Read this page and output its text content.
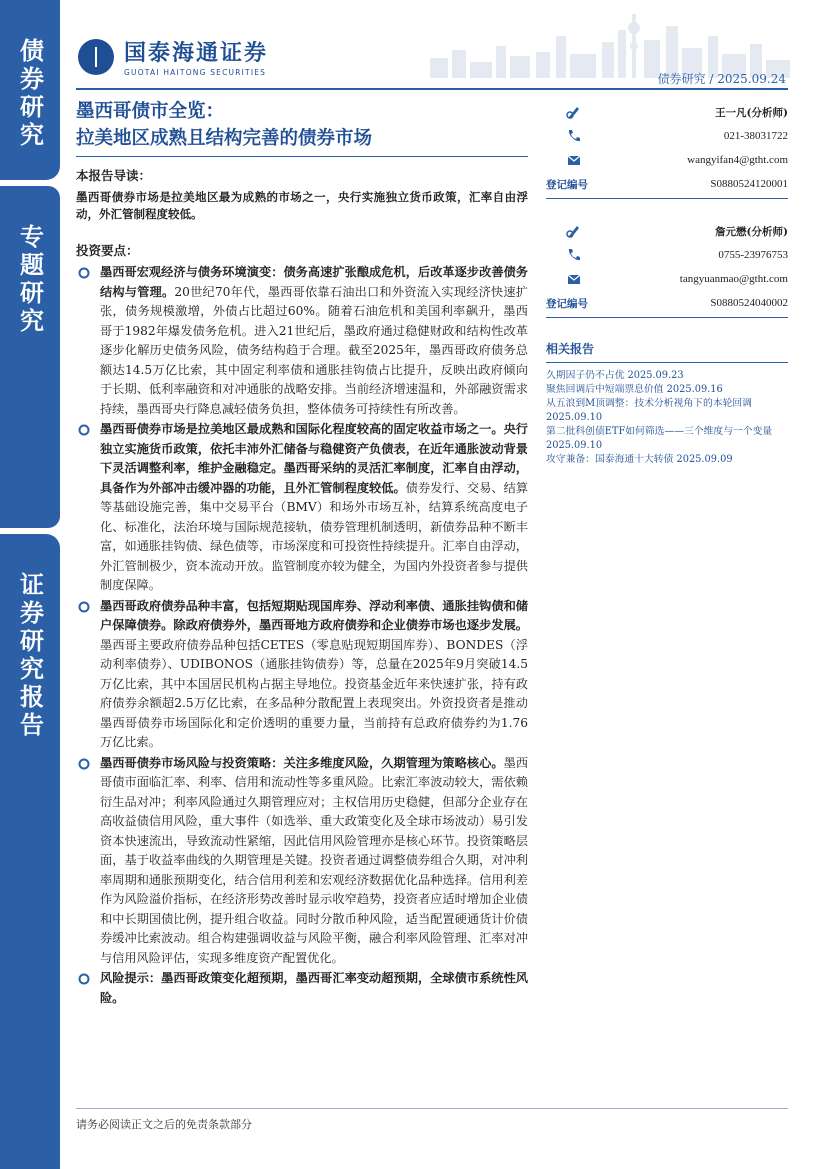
债券研究
专题研究
证券研究报告
国泰海通证券
GUOTAI HAITONG SECURITIES	债券研究 / 2025.09.24
墨西哥债市全览：
拉美地区成熟且结构完善的债券市场
本报告导读：
墨西哥债券市场是拉美地区最为成熟的市场之一，央行实施独立货币政策，汇率自由浮动，外汇管制程度较低。
投资要点：
墨西哥宏观经济与债务环境演变：债务高速扩张酿成危机，后改革逐步改善债务结构与管理。20世纪70年代，墨西哥依靠石油出口和外资流入实现经济快速扩张，债务规模激增，外债占比超过60%。随着石油危机和美国利率飙升，墨西哥于1982年爆发债务危机。进入21世纪后，墨政府通过稳健财政和结构性改革逐步化解历史债务风险，债务结构趋于合理。截至2025年，墨西哥政府债务总额达14.5万亿比索，其中固定利率债和通胀挂钩债占比提升，反映出政府倾向于长期、低利率融资和对冲通胀的战略安排。当前经济增速温和，外部融资需求持续，墨西哥央行降息减轻债务负担，整体债务可持续性有所改善。
墨西哥债券市场是拉美地区最成熟和国际化程度较高的固定收益市场之一。央行独立实施货币政策，依托丰沛外汇储备与稳健资产负债表，在近年通胀波动背景下灵活调整利率，维护金融稳定。墨西哥采纳的灵活汇率制度，汇率自由浮动，具备作为外部冲击缓冲器的功能，且外汇管制程度较低。债券发行、交易、结算等基础设施完善，集中交易平台（BMV）和场外市场互补，结算系统高度电子化、标准化，法治环境与国际规范接轨，债券管理机制透明，新债券品种不断丰富，如通胀挂钩债、绿色债等，市场深度和可投资性持续提升。汇率自由浮动，外汇管制极少，资本流动开放。监管制度亦较为健全，为国内外投资者参与提供制度保障。
墨西哥政府债券品种丰富，包括短期贴现国库券、浮动利率债、通胀挂钩债和储户保障债券。除政府债券外，墨西哥地方政府债券和企业债券市场也逐步发展。墨西哥主要政府债券品种包括CETES（零息贴现短期国库券）、BONDES（浮动利率债券）、UDIBONOS（通胀挂钩债券）等，总量在2025年9月突破14.5万亿比索，其中本国居民机构占据主导地位。投资基金近年来快速扩张，持有政府债券余额超2.5万亿比索，在多品种分散配置上表现突出。外资投资者是推动墨西哥债券市场国际化和定价透明的重要力量，当前持有总政府债券约为1.76万亿比索。
墨西哥债券市场风险与投资策略：关注多维度风险，久期管理为策略核心。墨西哥债市面临汇率、利率、信用和流动性等多重风险。比索汇率波动较大，需依赖衍生品对冲；利率风险通过久期管理应对；主权信用历史稳健，但部分企业存在高收益债信用风险，重大事件（如选举、重大政策变化及全球市场波动）易引发资本快速流出，导致流动性紧缩，因此信用风险管理亦是核心环节。投资策略层面，基于收益率曲线的久期管理是关键。投资者通过调整债券组合久期，对冲利率周期和通胀预期变化，结合信用利差和宏观经济数据优化品种选择。信用利差作为风险溢价指标，在经济形势改善时显示收窄趋势，投资者应适时增加企业债和中长期国债比例，提升组合收益。同时分散币种风险，适当配置硬通货计价债券缓冲比索波动。组合构建强调收益与风险平衡，融合利率风险管理、汇率对冲与信用风险评估，实现多维度资产配置优化。
风险提示：墨西哥政策变化超预期，墨西哥汇率变动超预期，全球债市系统性风险。
王一凡(分析师)
021-38031722
wangyifan4@gtht.com
登记编号	S0880524120001
詹元懋(分析师)
0755-23976753
tangyuanmao@gtht.com
登记编号	S0880524040002
相关报告
久期因子仍不占优 2025.09.23
聚焦回调后中短端票息价值 2025.09.16
从五浪到M顶调整：技术分析视角下的本轮回调 2025.09.10
第二批科创债ETF如何筛选——三个维度与一个变量 2025.09.10
攻守兼备：国泰海通十大转债 2025.09.09
请务必阅读正文之后的免责条款部分
